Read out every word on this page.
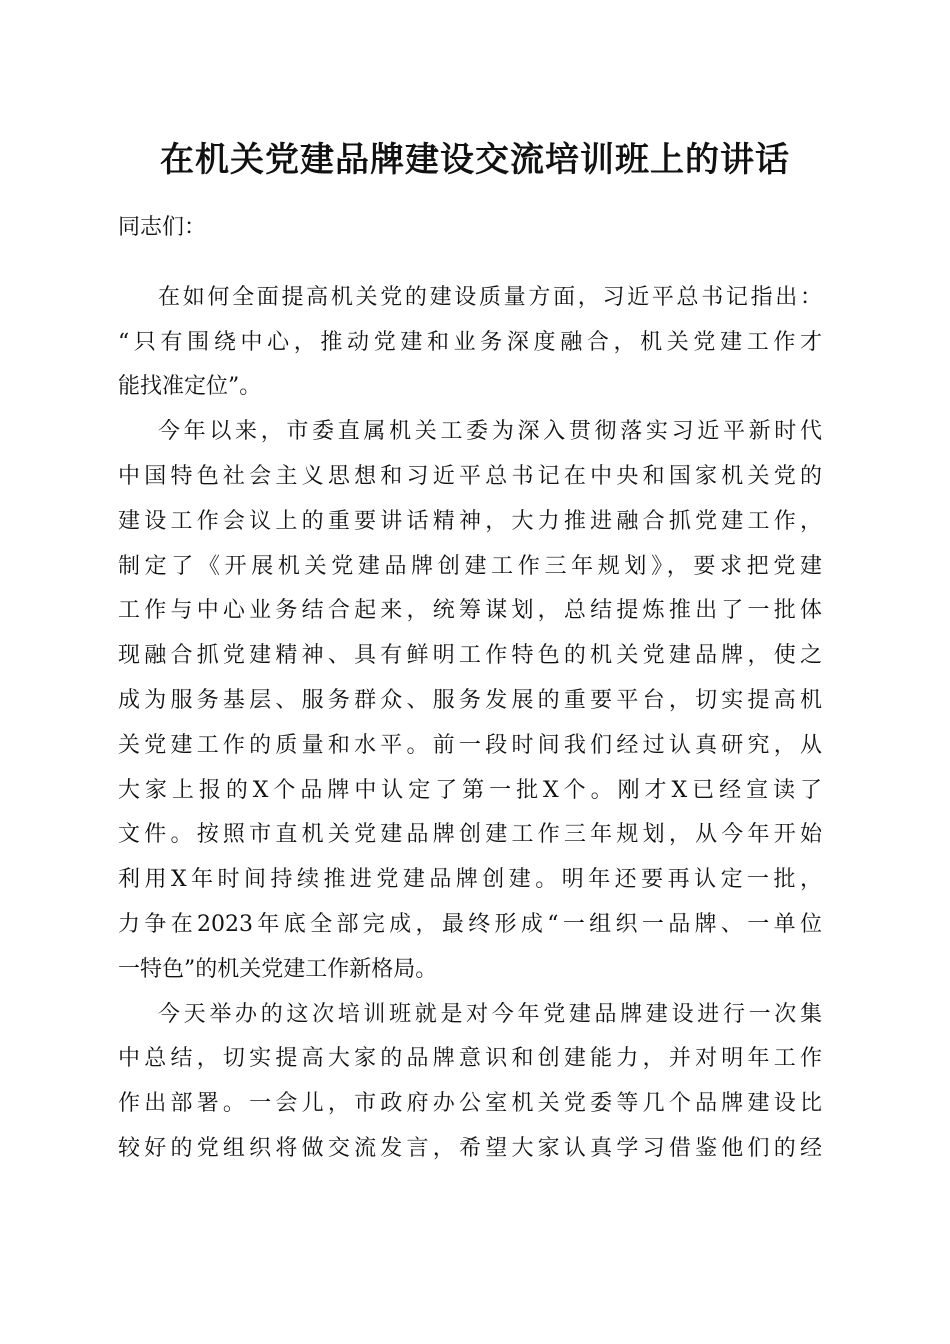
在机关党建品牌建设交流培训班上的讲话
同志们：
在如何全面提高机关党的建设质量方面，习近平总书记指出：
“只有围绕中心，推动党建和业务深度融合，机关党建工作才
能找准定位”。
今年以来，市委直属机关工委为深入贯彻落实习近平新时代
中国特色社会主义思想和习近平总书记在中央和国家机关党的
建设工作会议上的重要讲话精神，大力推进融合抓党建工作，
制定了《开展机关党建品牌创建工作三年规划》，要求把党建
工作与中心业务结合起来，统筹谋划，总结提炼推出了一批体
现融合抓党建精神、具有鲜明工作特色的机关党建品牌，使之
成为服务基层、服务群众、服务发展的重要平台，切实提高机
关党建工作的质量和水平。前一段时间我们经过认真研究，从
大家上报的X个品牌中认定了第一批X个。刚才X已经宣读了
文件。按照市直机关党建品牌创建工作三年规划，从今年开始
利用X年时间持续推进党建品牌创建。明年还要再认定一批，
力争在2023年底全部完成，最终形成“一组织一品牌、一单位
一特色”的机关党建工作新格局。
今天举办的这次培训班就是对今年党建品牌建设进行一次集
中总结，切实提高大家的品牌意识和创建能力，并对明年工作
作出部署。一会儿，市政府办公室机关党委等几个品牌建设比
较好的党组织将做交流发言，希望大家认真学习借鉴他们的经
